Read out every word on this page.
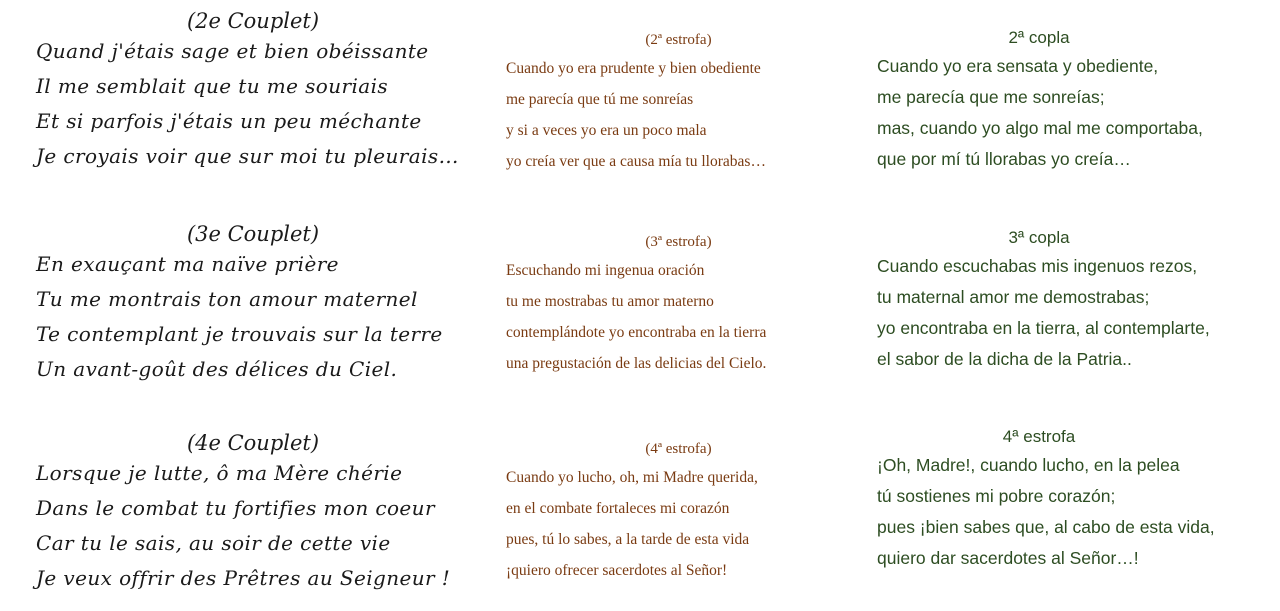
(2e Couplet)
Quand j'étais sage et bien obéissante
Il me semblait que tu me souriais
Et si parfois j'étais un peu méchante
Je croyais voir que sur moi tu pleurais…
(3e Couplet)
En exauçant ma naïve prière
Tu me montrais ton amour maternel
Te contemplant je trouvais sur la terre
Un avant-goût des délices du Ciel.
(4e Couplet)
Lorsque je lutte, ô ma Mère chérie
Dans le combat tu fortifies mon coeur
Car tu le sais, au soir de cette vie
Je veux offrir des Prêtres au Seigneur !
(2ª estrofa)
Cuando yo era prudente y bien obediente
me parecía que tú me sonreías
y si a veces yo era un poco mala
yo creía ver que a causa mía tu llorabas…
(3ª estrofa)
Escuchando mi ingenua oración
tu me mostrabas tu amor materno
contemplándote yo encontraba en la tierra
una pregustación de las delicias del Cielo.
(4ª estrofa)
Cuando yo lucho, oh, mi Madre querida,
en el combate fortaleces mi corazón
pues, tú lo sabes, a la tarde de esta vida
¡quiero ofrecer sacerdotes al Señor!
2ª copla
Cuando yo era sensata y obediente,
me parecía que me sonreías;
mas, cuando yo algo mal me comportaba,
que por mí tú llorabas yo creía…
3ª copla
Cuando escuchabas mis ingenuos rezos,
tu maternal amor me demostrabas;
yo encontraba en la tierra, al contemplarte,
el sabor de la dicha de la Patria..
4ª estrofa
¡Oh, Madre!, cuando lucho, en la pelea
tú sostienes mi pobre corazón;
pues ¡bien sabes que, al cabo de esta vida,
quiero dar sacerdotes al Señor…!
